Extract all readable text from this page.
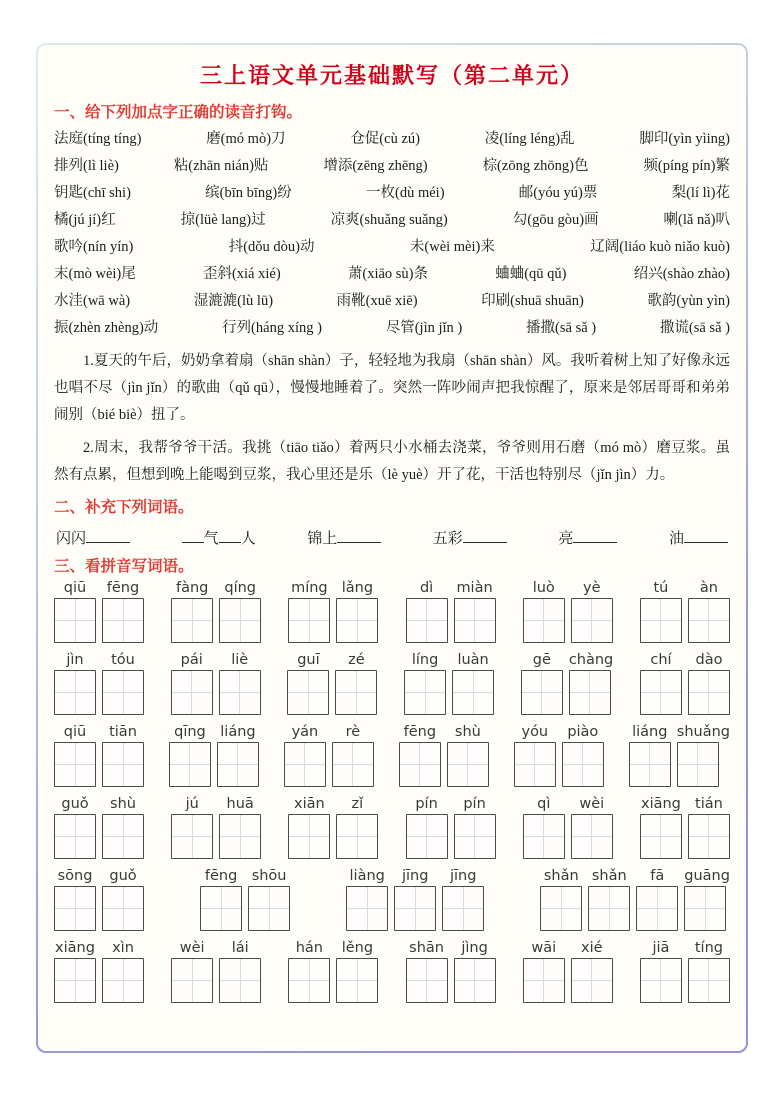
三上语文单元基础默写（第二单元）
一、给下列加点字正确的读音打钩。
法庭(tíng tíng)	磨(mó mò)刀	仓促(cù zú)	凌(líng léng)乱	脚印(yìn yìing)
排列(lì liè)	粘(zhān nián)贴	增添(zēng zhēng)	棕(zōng zhōng)色	频(píng pín)繁
钥匙(chī shi)	缤(bīn bīng)纷	一枚(dù méi)	邮(yóu yú)票	梨(lí lì)花
橘(jú jí)红	掠(lüè lang)过	凉爽(shuǎng suǎng)	勾(gōu gòu)画	喇(lǎ nǎ)叭
歌吟(nín yín)	抖(dǒu dòu)动	未(wèi mèi)来	辽阔(liáo kuò niǎo kuò)
末(mò wèi)尾	歪斜(xiá xié)	萧(xiāo sù)条	蛐蛐(qū qǔ)	绍兴(shào zhào)
水洼(wā wà)	湿漉漉(lù lū)	雨靴(xuē xiē)	印刷(shuā shuān)	歌韵(yùn yìn)
振(zhèn zhèng)动	行列(háng xíng )	尽管(jìn jǐn )	播撒(sā sǎ )	撒谎(sā sǎ )
1.夏天的午后，奶奶拿着扇（shān shàn）子，轻轻地为我扇（shān shàn）风。我听着树上知了好像永远也唱不尽（jìn jǐn）的歌曲（qǔ qū），慢慢地睡着了。突然一阵吵闹声把我惊醒了，原来是邻居哥哥和弟弟闹别（bié biè）扭了。
2.周末，我帮爷爷干活。我挑（tiāo tiǎo）着两只小水桶去浇菜，爷爷则用石磨（mó mò）磨豆浆。虽然有点累，但想到晚上能喝到豆浆，我心里还是乐（lè yuè）开了花，干活也特别尽（jǐn jìn）力。
二、补充下列词语。
闪闪	气 人	锦上	五彩	亮	油
三、看拼音写词语。
qiū	fēng	fàng	qíng	míng lǎng	dì	miàn	luò	yè	tú	àn
jìn	tóu	pái	liè	guī	zé	líng	luàn	gē	chàng	chí	dào
qiū	tiān	qīng	liáng	yán	rè	fēng	shù	yóu	piào	liáng shuǎng
guǒ	shù	jú	huā	xiān	zǐ	pín	pín	qì	wèi	xiāng tián
sōng	guǒ	fēng shōu	liàng	jīng	jīng	shǎn shǎn	fā	guāng
xiāng	xìn	wèi	lái	hán	lěng	shān	jìng	wāi	xié	jiā	tíng
